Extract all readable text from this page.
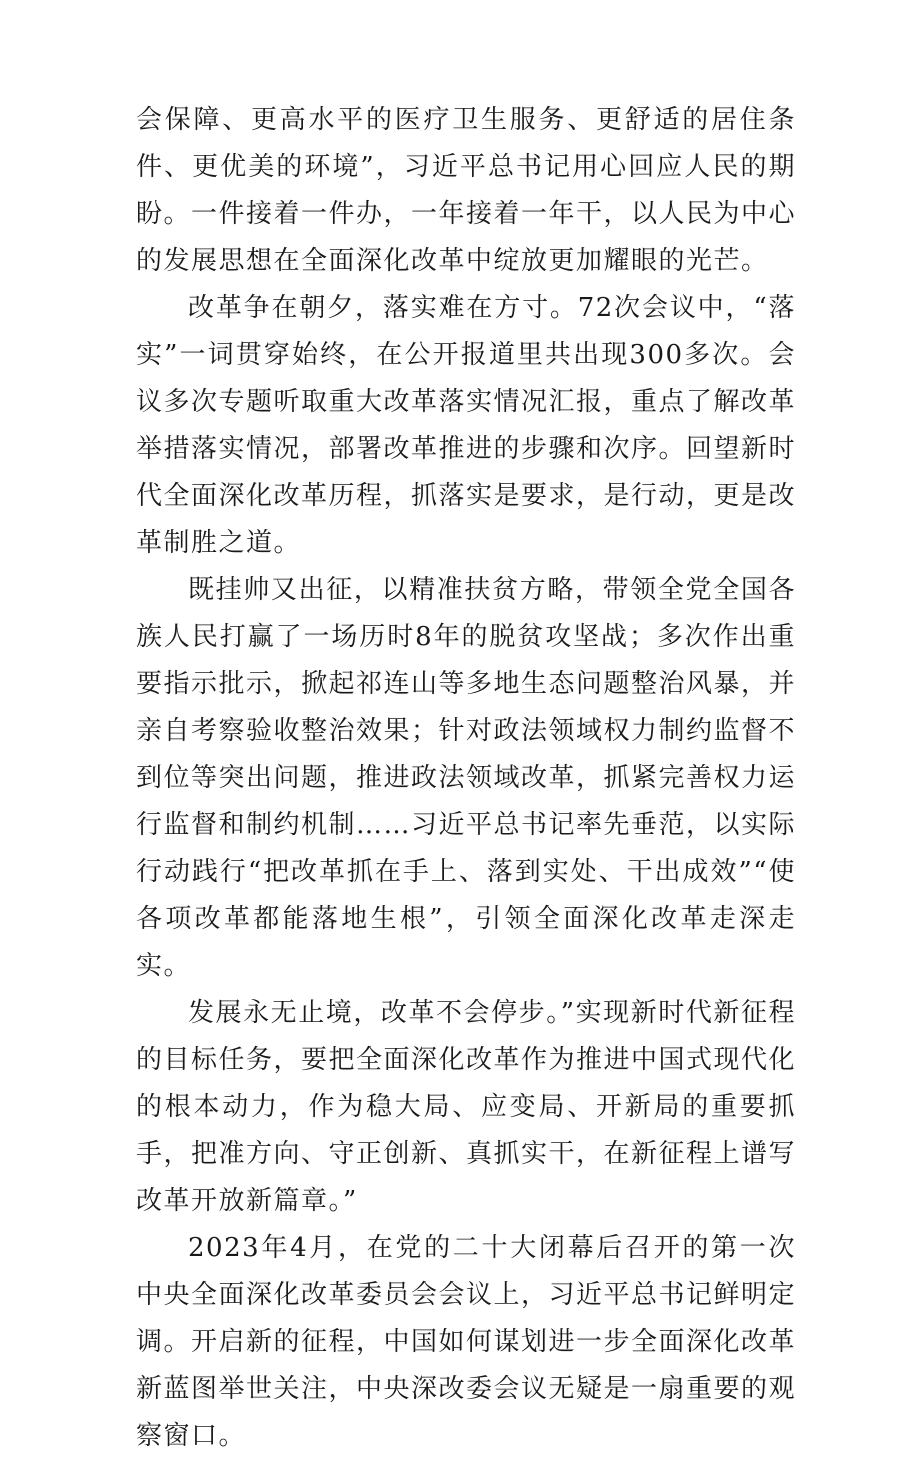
会保障、更高水平的医疗卫生服务、更舒适的居住条件、更优美的环境”，习近平总书记用心回应人民的期盼。一件接着一件办，一年接着一年干，以人民为中心的发展思想在全面深化改革中绽放更加耀眼的光芒。

改革争在朝夕，落实难在方寸。72次会议中，“落实”一词贯穿始终，在公开报道里共出现300多次。会议多次专题听取重大改革落实情况汇报，重点了解改革举措落实情况，部署改革推进的步骤和次序。回望新时代全面深化改革历程，抓落实是要求，是行动，更是改革制胜之道。

既挂帅又出征，以精准扶贫方略，带领全党全国各族人民打赢了一场历时8年的脱贫攻坚战；多次作出重要指示批示，掀起祁连山等多地生态问题整治风暴，并亲自考察验收整治效果；针对政法领域权力制约监督不到位等突出问题，推进政法领域改革，抓紧完善权力运行监督和制约机制……习近平总书记率先垂范，以实际行动践行“把改革抓在手上、落到实处、干出成效”“使各项改革都能落地生根”，引领全面深化改革走深走实。

发展永无止境，改革不会停步。”实现新时代新征程的目标任务，要把全面深化改革作为推进中国式现代化的根本动力，作为稳大局、应变局、开新局的重要抓手，把准方向、守正创新、真抓实干，在新征程上谱写改革开放新篇章。”

2023年4月，在党的二十大闭幕后召开的第一次中央全面深化改革委员会会议上，习近平总书记鲜明定调。开启新的征程，中国如何谋划进一步全面深化改革新蓝图举世关注，中央深改委会议无疑是一扇重要的观察窗口。
